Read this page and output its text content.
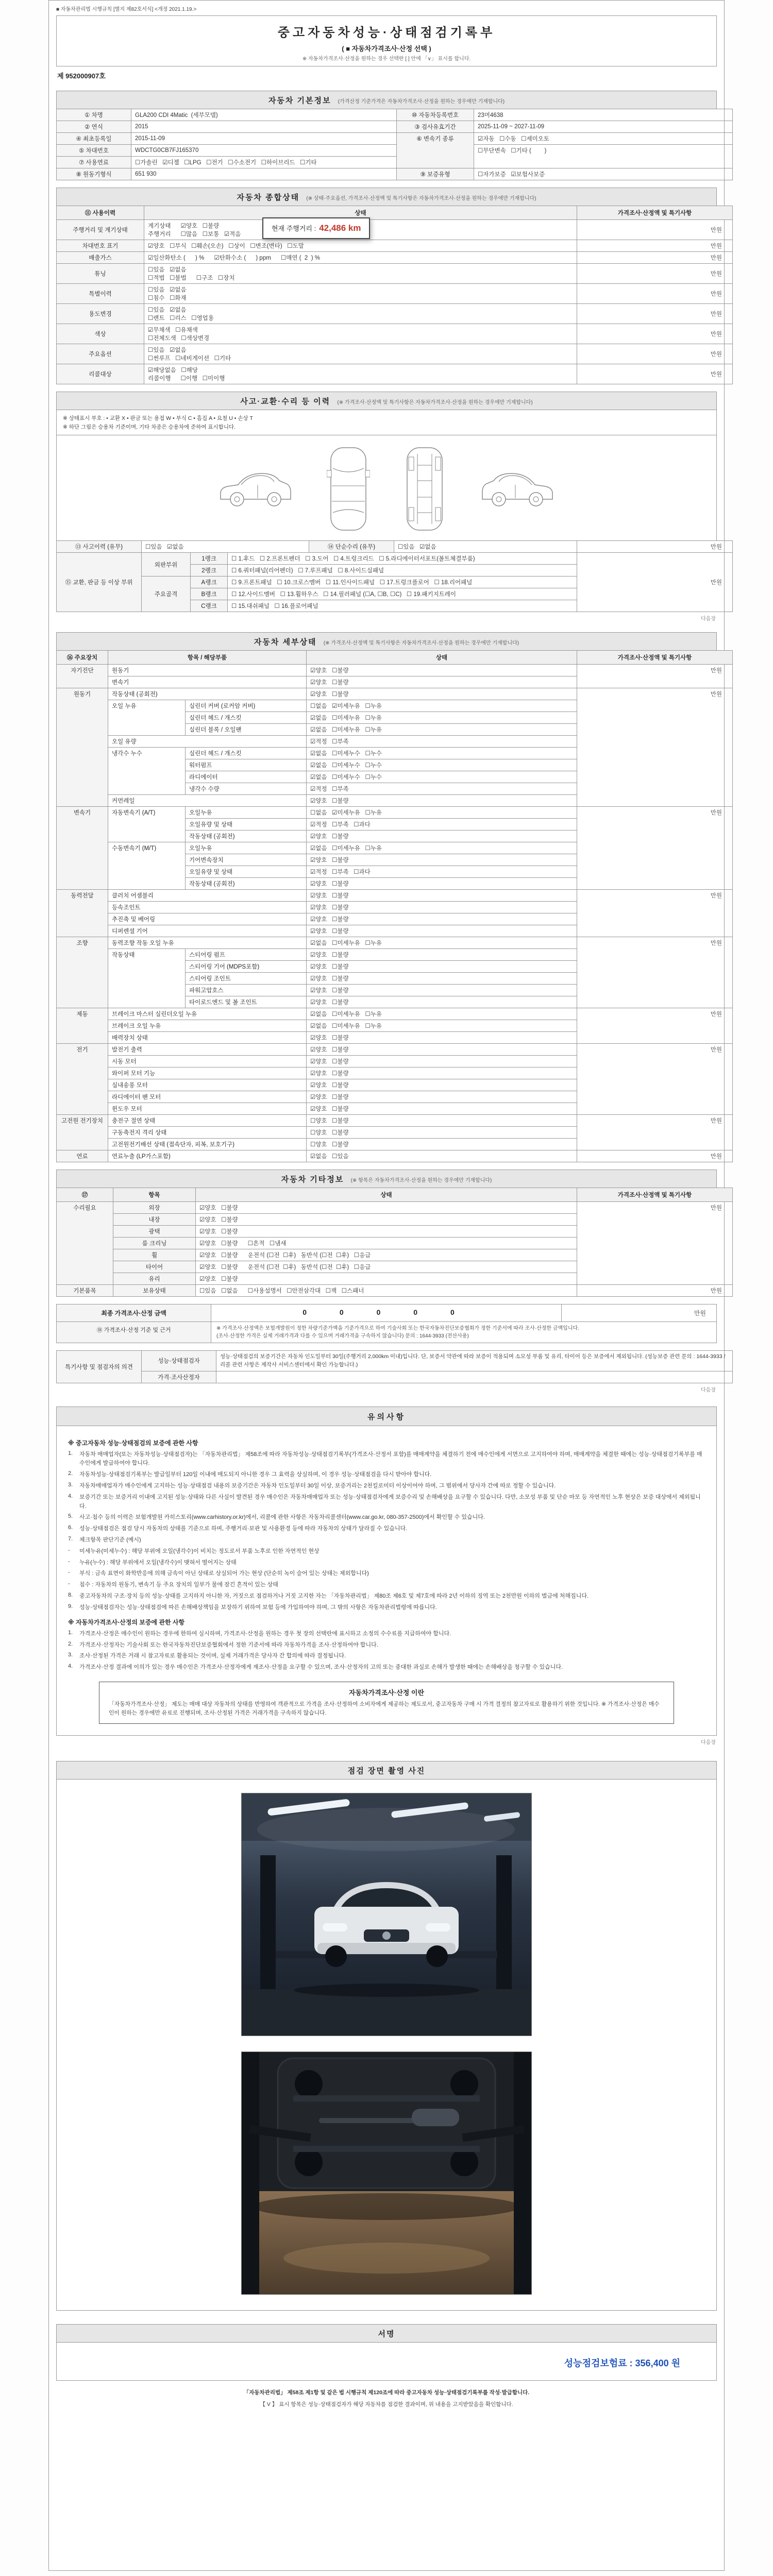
■ 자동차관리법 시행규칙 [별지 제82호서식] <개정 2021.1.19.>
중고자동차성능·상태점검기록부
( ■ 자동차가격조사·산정 선택 )
※ 자동차가격조사·산정을 원하는 경우 선택란 [ ] 안에 「∨」 표시를 합니다.
제 952000907호
자동차 기본정보 (가격산정 기준가격은 자동차가격조사·산정을 원하는 경우에만 기재합니다)
① 차명	GLA200 CDI 4Matic  (세부모델)	⑩ 자동차등록번호	23머4638
② 연식	2015	③ 검사유효기간	2025-11-09 ~ 2027-11-09
④ 최초등록일	2015-11-09	⑥ 변속기 종류	☑자동   ☐수동   ☐세미오토
⑤ 차대번호	WDCTG0CB7FJ165370		☐무단변속   ☐기타 (        )
⑦ 사용연료	☐가솔린   ☑디젤   ☐LPG   ☐전기   ☐수소전기   ☐하이브리드   ☐기타		
⑧ 원동기형식	651 930	⑨ 보증유형	☐자가보증   ☑보험사보증
자동차 종합상태 (※ 상태·주요옵션, 가격조사·산정액 및 특기사항은 자동차가격조사·산정을 원하는 경우에만 기재합니다)
현재 주행거리 : 42,486 km
⑪ 사용이력	상태	가격조사·산정액 및 특기사항
주행거리 및 계기상태	계기상태      ☑양호   ☐불량
주행거리      ☐많음   ☐보통   ☑적음	만원
차대번호 표기	☑양호   ☐부식   ☐훼손(오손)   ☐상이   ☐변조(변타)   ☐도말	만원
배출가스	☑일산화탄소 (      ) %      ☑탄화수소 (      ) ppm      ☐매연 (  2  ) %	만원
튜닝	☐있음   ☑없음
☐적법   ☐불법      ☐구조   ☐장치	만원
특별이력	☐있음   ☑없음
☐침수   ☐화재	만원
용도변경	☐있음   ☑없음
☐렌트   ☐리스   ☐영업용	만원
색상	☑무채색   ☐유채색
☐전체도색   ☐색상변경	만원
주요옵션	☐있음   ☑없음
☐썬루프   ☐네비게이션   ☐기타	만원
리콜대상	☑해당없음   ☐해당
리콜이행      ☐이행   ☐미이행	만원
사고·교환·수리 등 이력 (※ 가격조사·산정액 및 특기사항은 자동차가격조사·산정을 원하는 경우에만 기재합니다)
※ 상태표시 부호 : • 교환 X • 판금 또는 용접 W • 부식 C • 흠집 A • 요철 U • 손상 T
※ 하단 그림은 승용차 기준이며, 기타 차종은 승용차에 준하여 표시합니다.
⑬ 사고이력 (유무)	☐있음   ☑없음	⑭ 단순수리 (유무)	☐있음   ☑없음	만원
⑮ 교환, 판금 등 이상 부위	외판부위	1랭크	☐ 1.후드   ☐ 2.프론트펜더   ☐ 3.도어   ☐ 4.트렁크리드   ☐ 5.라디에이터서포트(볼트체결부품)	만원
		2랭크	☐ 6.쿼터패널(리어펜더)   ☐ 7.루프패널   ☐ 8.사이드실패널	
	주요골격	A랭크	☐ 9.프론트패널   ☐ 10.크로스멤버   ☐ 11.인사이드패널   ☐ 17.트렁크플로어   ☐ 18.리어패널	
		B랭크	☐ 12.사이드멤버   ☐ 13.휠하우스   ☐ 14.필러패널 (☐A, ☐B, ☐C)   ☐ 19.패키지트레이	
		C랭크	☐ 15.대쉬패널   ☐ 16.플로어패널	
다음장
자동차 세부상태 (※ 가격조사·산정액 및 특기사항은 자동차가격조사·산정을 원하는 경우에만 기재합니다)
⑯ 주요장치	항목 / 해당부품		상태	가격조사·산정액 및 특기사항
자기진단	원동기		☑양호   ☐불량	만원
	변속기		☑양호   ☐불량	
원동기	작동상태 (공회전)		☑양호   ☐불량	만원
	오일 누유	실린더 커버 (로커암 커버)	☐없음   ☑미세누유   ☐누유	
		실린더 헤드 / 개스킷	☑없음   ☐미세누유   ☐누유	
		실린더 블록 / 오일팬	☑없음   ☐미세누유   ☐누유	
	오일 유량		☑적정   ☐부족	
	냉각수 누수	실린더 헤드 / 개스킷	☑없음   ☐미세누수   ☐누수	
		워터펌프	☑없음   ☐미세누수   ☐누수	
		라디에이터	☑없음   ☐미세누수   ☐누수	
		냉각수 수량	☑적정   ☐부족	
	커먼레일		☑양호   ☐불량	
변속기	자동변속기 (A/T)	오일누유	☐없음   ☑미세누유   ☐누유	만원
		오일유량 및 상태	☑적정   ☐부족   ☐과다	
		작동상태 (공회전)	☑양호   ☐불량	
	수동변속기 (M/T)	오일누유	☑없음   ☐미세누유   ☐누유	
		기어변속장치	☑양호   ☐불량	
		오일유량 및 상태	☑적정   ☐부족   ☐과다	
		작동상태 (공회전)	☑양호   ☐불량	
동력전달	클러치 어셈블리		☑양호   ☐불량	만원
	등속조인트		☑양호   ☐불량	
	추진축 및 베어링		☑양호   ☐불량	
	디퍼렌셜 기어		☑양호   ☐불량	
조향	동력조향 작동 오일 누유		☑없음   ☐미세누유   ☐누유	만원
	작동상태	스티어링 펌프	☑양호   ☐불량	
		스티어링 기어 (MDPS포함)	☑양호   ☐불량	
		스티어링 조인트	☑양호   ☐불량	
		파워고압호스	☑양호   ☐불량	
		타이로드엔드 및 볼 조인트	☑양호   ☐불량	
제동	브레이크 마스터 실린더오일 누유		☑없음   ☐미세누유   ☐누유	만원
	브레이크 오일 누유		☑없음   ☐미세누유   ☐누유	
	배력장치 상태		☑양호   ☐불량	
전기	발전기 출력		☑양호   ☐불량	만원
	시동 모터		☑양호   ☐불량	
	와이퍼 모터 기능		☑양호   ☐불량	
	실내송풍 모터		☑양호   ☐불량	
	라디에이터 팬 모터		☑양호   ☐불량	
	윈도우 모터		☑양호   ☐불량	
고전원 전기장치	충전구 절연 상태		☐양호   ☐불량	만원
	구동축전지 격리 상태		☐양호   ☐불량	
	고전원전기배선 상태 (접속단자, 피복, 보호기구)		☐양호   ☐불량	
연료	연료누출 (LP가스포함)		☑없음   ☐있음	만원
자동차 기타정보 (※ 항목은 자동차가격조사·산정을 원하는 경우에만 기재합니다)
⑰	항목	상태	가격조사·산정액 및 특기사항
수리필요	외장	☑양호   ☐불량	만원
	내장	☑양호   ☐불량	
	광택	☑양호   ☐불량	
	룸 크리닝	☑양호   ☐불량      ☐흔적   ☐냄새	
	휠	☑양호   ☐불량      운전석 (☐전  ☐후)   동반석 (☐전  ☐후)   ☐응급	
	타이어	☑양호   ☐불량      운전석 (☐전  ☐후)   동반석 (☐전  ☐후)   ☐응급	
	유리	☑양호   ☐불량	
기본품목	보유상태	☐있음   ☐없음      ☐사용설명서   ☐안전삼각대   ☐잭   ☐스패너	만원
최종 가격조사·산정 금액	0 0 0 0 0	만원
⑱ 가격조사·산정 기준 및 근거	※ 가격조사·산정액은 보험개발원이 정한 차량기준가액을 기준가격으로 하여 기술사회 또는 한국자동차진단보증협회가 정한 기준서에 따라 조사·산정한 금액입니다.
(조사·산정한 가격은 실제 거래가격과 다를 수 있으며 거래가격을 구속하지 않습니다) 문의 : 1644-3933 (전산사용)
특기사항 및 점검자의 의견	성능·상태점검자	성능·상태점검의 보증기간은 자동차 인도일부터 30일(주행거리 2,000km 이내)입니다. 단, 보증서 약관에 따라 보증이 적용되며 소모성 부품 및 유리, 타이어 등은 보증에서 제외됩니다. (성능보증 관련 문의 : 1644-3933 / 리콜 관련 사항은 제작사 서비스센터에서 확인 가능합니다.)
	가격·조사산정자	
다음장
유의사항
※ 중고자동차 성능·상태점검의 보증에 관한 사항
1.	자동차 매매업자(또는 자동차성능·상태점검자)는 「자동차관리법」 제58조에 따라 자동차성능·상태점검기록부(가격조사·산정서 포함)를 매매계약을 체결하기 전에 매수인에게 서면으로 고지하여야 하며, 매매계약을 체결한 때에는 성능·상태점검기록부를 매수인에게 발급하여야 합니다.
2.	자동차성능·상태점검기록부는 발급일부터 120일 이내에 매도되지 아니한 경우 그 효력을 상실하며, 이 경우 성능·상태점검을 다시 받아야 합니다.
3.	자동차매매업자가 매수인에게 고지하는 성능·상태점검 내용의 보증기간은 자동차 인도일부터 30일 이상, 보증거리는 2천킬로미터 이상이어야 하며, 그 범위에서 당사자 간에 따로 정할 수 있습니다.
4.	보증기간 또는 보증거리 이내에 고지된 성능·상태와 다른 사실이 발견된 경우 매수인은 자동차매매업자 또는 성능·상태점검자에게 보증수리 및 손해배상을 요구할 수 있습니다. 다만, 소모성 부품 및 단순 마모 등 자연적인 노후 현상은 보증 대상에서 제외됩니다.
5.	사고·침수 등의 이력은 보험개발원 카히스토리(www.carhistory.or.kr)에서, 리콜에 관한 사항은 자동차리콜센터(www.car.go.kr, 080-357-2500)에서 확인할 수 있습니다.
6.	성능·상태점검은 점검 당시 자동차의 상태를 기준으로 하며, 주행거리·보관 및 사용환경 등에 따라 자동차의 상태가 달라질 수 있습니다.
7.	체크항목 판단기준 (예시)
-	미세누유(미세누수) : 해당 부위에 오일(냉각수)이 비치는 정도로서 부품 노후로 인한 자연적인 현상
-	누유(누수) : 해당 부위에서 오일(냉각수)이 맺혀서 떨어지는 상태
-	부식 : 금속 표면이 화학반응에 의해 금속이 아닌 상태로 상실되어 가는 현상 (단순히 녹이 슬어 있는 상태는 제외합니다)
-	침수 : 자동차의 원동기, 변속기 등 주요 장치의 일부가 물에 잠긴 흔적이 있는 상태
8.	중고자동차의 구조·장치 등의 성능·상태를 고지하지 아니한 자, 거짓으로 점검하거나 거짓 고지한 자는 「자동차관리법」 제80조 제6호 및 제7호에 따라 2년 이하의 징역 또는 2천만원 이하의 벌금에 처해집니다.
9.	성능·상태점검자는 성능·상태점검에 따른 손해배상책임을 보장하기 위하여 보험 등에 가입하여야 하며, 그 밖의 사항은 자동차관리법령에 따릅니다.
※ 자동차가격조사·산정의 보증에 관한 사항
1.	가격조사·산정은 매수인이 원하는 경우에 한하여 실시하며, 가격조사·산정을 원하는 경우 첫 장의 선택란에 표시하고 소정의 수수료를 지급하여야 합니다.
2.	가격조사·산정자는 기술사회 또는 한국자동차진단보증협회에서 정한 기준서에 따라 자동차가격을 조사·산정하여야 합니다.
3.	조사·산정된 가격은 거래 시 참고자료로 활용되는 것이며, 실제 거래가격은 당사자 간 합의에 따라 결정됩니다.
4.	가격조사·산정 결과에 이의가 있는 경우 매수인은 가격조사·산정자에게 재조사·산정을 요구할 수 있으며, 조사·산정자의 고의 또는 중대한 과실로 손해가 발생한 때에는 손해배상을 청구할 수 있습니다.
자동차가격조사·산정 이란
「자동차가격조사·산정」 제도는 매매 대상 자동차의 상태를 반영하여 객관적으로 가격을 조사·산정하여 소비자에게 제공하는 제도로서, 중고자동차 구매 시 가격 결정의 참고자료로 활용하기 위한 것입니다. ※ 가격조사·산정은 매수인이 원하는 경우에만 유료로 진행되며, 조사·산정된 가격은 거래가격을 구속하지 않습니다.
다음장
점검 장면 촬영 사진
서명
성능점검보험료 : 356,400 원
「자동차관리법」 제58조 제1항 및 같은 법 시행규칙 제120조에 따라 중고자동차 성능·상태점검기록부를 작성·발급합니다.
【 V 】 표시 항목은 성능·상태점검자가 해당 자동차를 점검한 결과이며, 위 내용을 고지받았음을 확인합니다.
